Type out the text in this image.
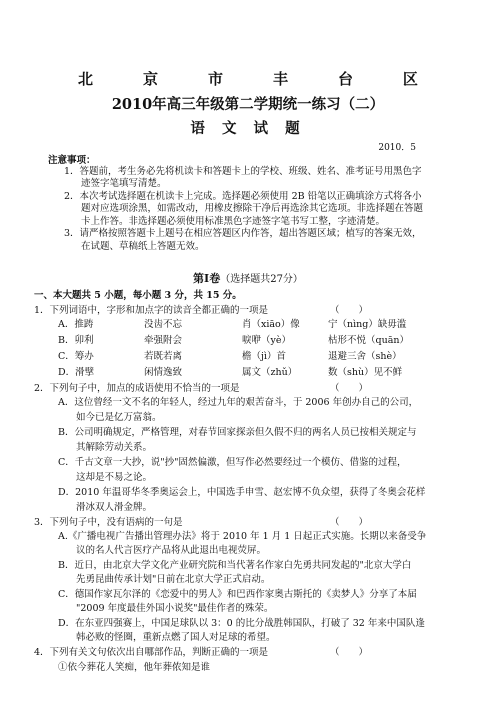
北	京	市	丰	台	区
2010年高三年级第二学期统一练习（二）
语 文 试 题
2010．5
注意事项：
1．答题前，考生务必先将机读卡和答题卡上的学校、班级、姓名、准考证号用黑色字
迹签字笔填写清楚。
2．本次考试选择题在机读卡上完成。选择题必须使用 2B 铅笔以正确填涂方式将各小
题对应选项涂黑，如需改动，用橡皮擦除干净后再选涂其它选项。非选择题在答题
卡上作答。非选择题必须使用标准黑色字迹签字笔书写工整，字迹清楚。
3．请严格按照答题卡上题号在相应答题区内作答，超出答题区域；植写的答案无效，
在试题、草稿纸上答题无效。
第Ⅰ卷（选择题共27分）
一、本大题共 5 小题，每小题 3 分，共 15 分。
1．下列词语中，字形和加点字的读音全都正确的一项是	（　　）
A．推踌	没齿不忘	肖（xiāo）像	宁（nìng）缺毋滥
B．卯利	牵强附会	唳咿（yè）	枯形不悦（quān）
C．筹办	若既若离	檐（jì）首	退避三舍（shè）
D．滑擘	闲情逸致	属文（zhǔ）	数（shù）见不鲜
2．下列句子中，加点的成语使用不恰当的一项是	（　　）
A．这位曾经一文不名的年轻人，经过九年的艰苦奋斗，于 2006 年创办自己的公司，
如今已是亿万富翁。
B．公司明确规定，严格管理，对春节回家探亲但久假不归的两名人员已按相关规定与
其解除劳动关系。
C．千古文章一大抄，说"抄"固然偏激，但写作必然要经过一个模仿、借鉴的过程，
这却是不易之论。
D．2010 年温哥华冬季奥运会上，中国选手申雪、赵宏博不负众望，获得了冬奥会花样
滑冰双人滑金牌。
3．下列句子中，没有语病的一句是	（　　）
A.《广播电视广告播出管理办法》将于 2010 年 1 月 1 日起正式实施。长期以来备受争
议的名人代言医疗产品将从此退出电视荧屏。
B．近日，由北京大学文化产业研究院和当代著名作家白先勇共同发起的"北京大学白
先勇昆曲传承计划"日前在北京大学正式启动。
C．德国作家瓦尔泽的《恋爱中的男人》和巴西作家奥古斯托的《卖梦人》分享了本届
"2009 年度最佳外国小说奖"最佳作者的殊荣。
D．在东亚四强赛上，中国足球队以 3：0 的比分战胜韩国队，打破了 32 年来中国队逢
韩必败的怪圈，重新点燃了国人对足球的希望。
4．下列有关文句依次出自哪部作品，判断正确的一项是	（　　）
①依今葬花人笑痴，他年葬侬知是谁
